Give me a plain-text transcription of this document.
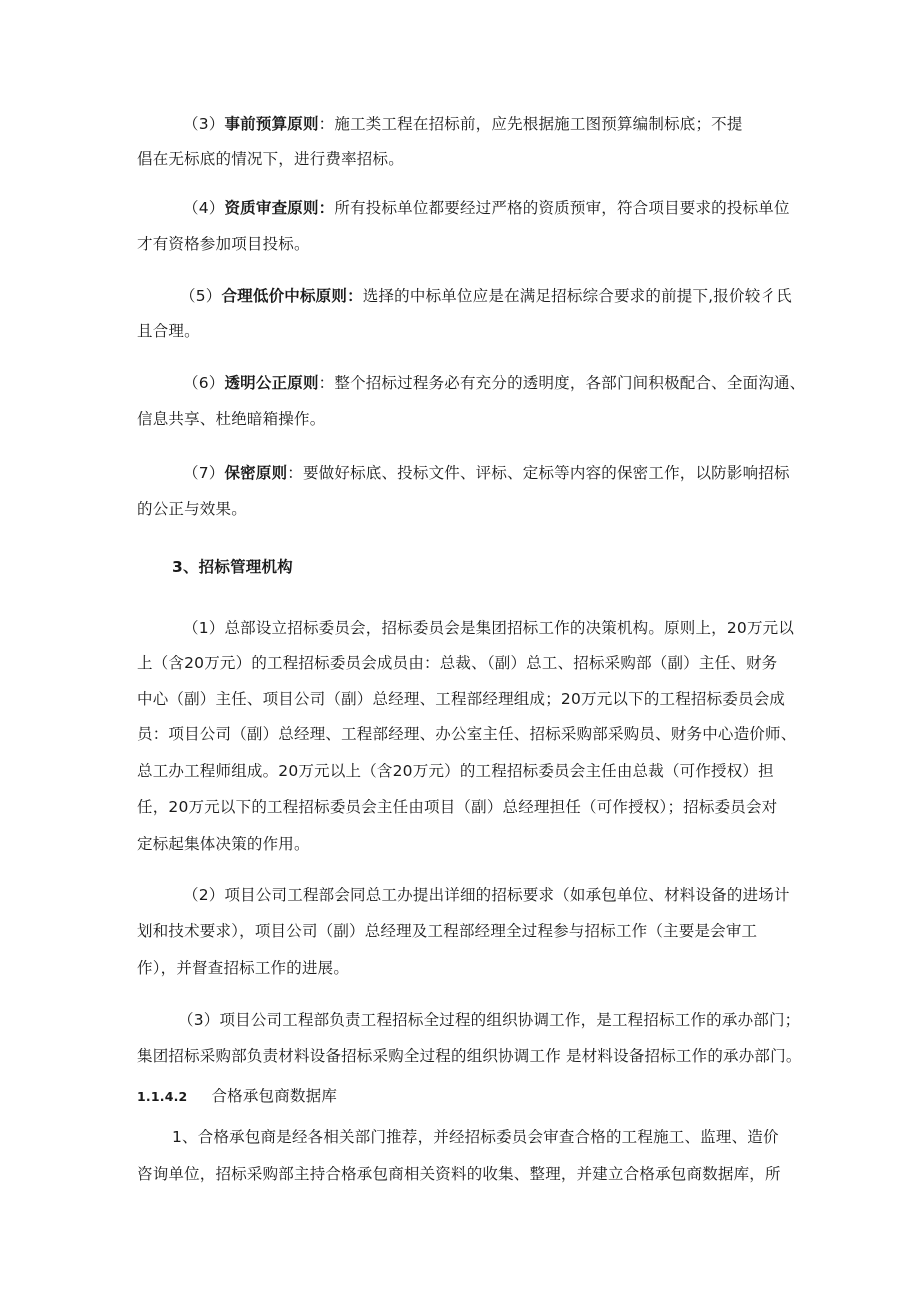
（3）事前预算原则：施工类工程在招标前，应先根据施工图预算编制标底；不提
倡在无标底的情况下，进行费率招标。
（4）资质审查原则：所有投标单位都要经过严格的资质预审，符合项目要求的投标单位
才有资格参加项目投标。
（5）合理低价中标原则：选择的中标单位应是在满足招标综合要求的前提下,报价较彳氏
且合理。
（6）透明公正原则：整个招标过程务必有充分的透明度，各部门间积极配合、全面沟通、
信息共享、杜绝暗箱操作。
（7）保密原则：要做好标底、投标文件、评标、定标等内容的保密工作，以防影响招标
的公正与效果。
3、招标管理机构
（1）总部设立招标委员会，招标委员会是集团招标工作的决策机构。原则上，20万元以
上（含20万元）的工程招标委员会成员由：总裁、（副）总工、招标采购部（副）主任、财务
中心（副）主任、项目公司（副）总经理、工程部经理组成；20万元以下的工程招标委员会成
员：项目公司（副）总经理、工程部经理、办公室主任、招标采购部采购员、财务中心造价师、
总工办工程师组成。20万元以上（含20万元）的工程招标委员会主任由总裁（可作授权）担
任，20万元以下的工程招标委员会主任由项目（副）总经理担任（可作授权）；招标委员会对
定标起集体决策的作用。
（2）项目公司工程部会同总工办提出详细的招标要求（如承包单位、材料设备的进场计
划和技术要求），项目公司（副）总经理及工程部经理全过程参与招标工作（主要是会审工
作），并督查招标工作的进展。
（3）项目公司工程部负责工程招标全过程的组织协调工作，是工程招标工作的承办部门；
集团招标采购部负责材料设备招标采购全过程的组织协调工作 是材料设备招标工作的承办部门。
1.1.4.2 合格承包商数据库
1、合格承包商是经各相关部门推荐，并经招标委员会审查合格的工程施工、监理、造价
咨询单位，招标采购部主持合格承包商相关资料的收集、整理，并建立合格承包商数据库，所
